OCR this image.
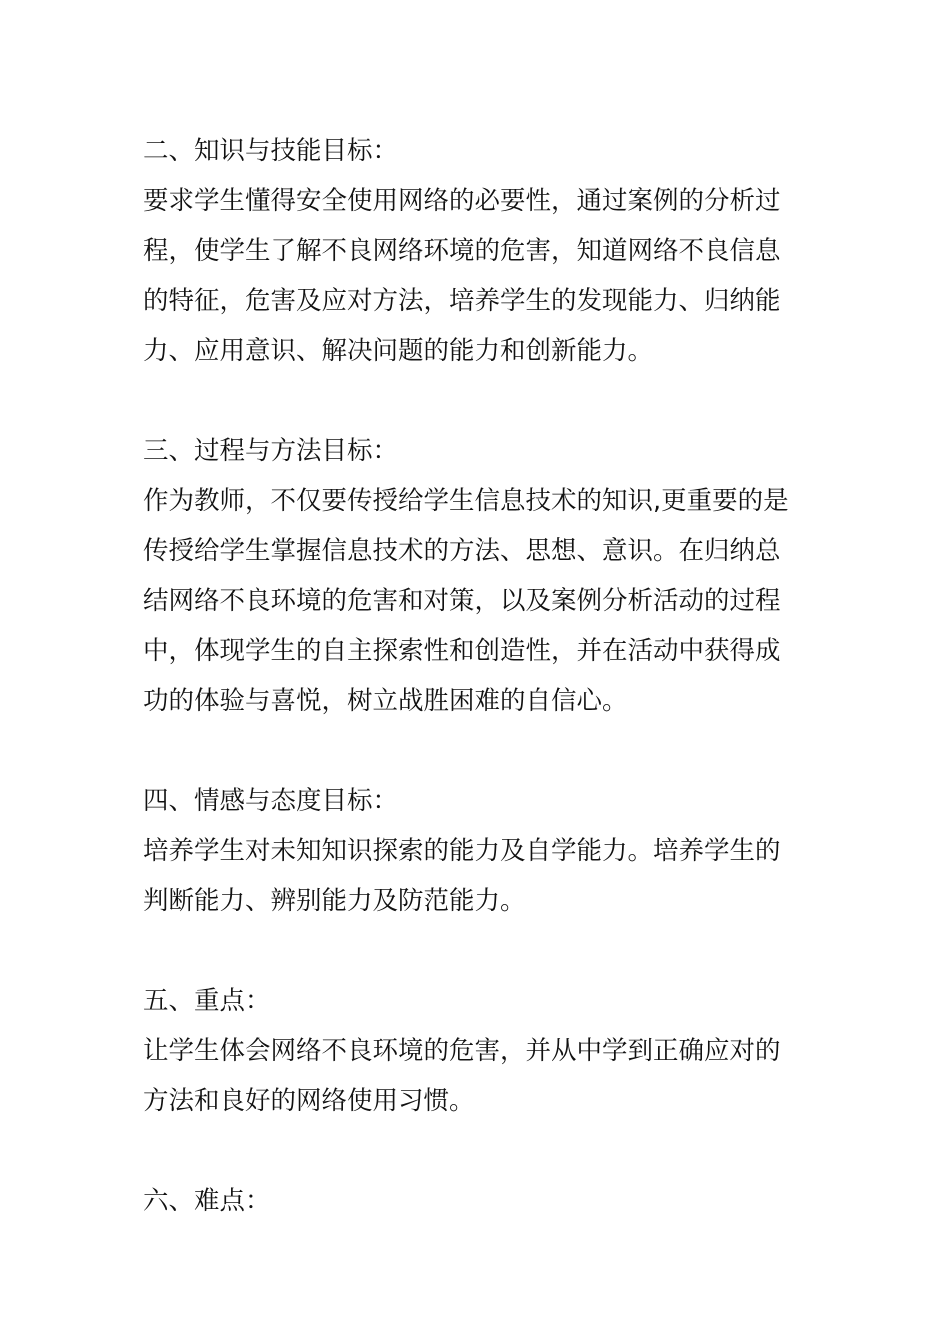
二、知识与技能目标：
要求学生懂得安全使用网络的必要性，通过案例的分析过
程，使学生了解不良网络环境的危害，知道网络不良信息
的特征，危害及应对方法，培养学生的发现能力、归纳能
力、应用意识、解决问题的能力和创新能力。
三、过程与方法目标：
作为教师，不仅要传授给学生信息技术的知识,更重要的是
传授给学生掌握信息技术的方法、思想、意识。在归纳总
结网络不良环境的危害和对策，以及案例分析活动的过程
中，体现学生的自主探索性和创造性，并在活动中获得成
功的体验与喜悦，树立战胜困难的自信心。
四、情感与态度目标：
培养学生对未知知识探索的能力及自学能力。培养学生的
判断能力、辨别能力及防范能力。
五、重点：
让学生体会网络不良环境的危害，并从中学到正确应对的
方法和良好的网络使用习惯。
六、难点：
